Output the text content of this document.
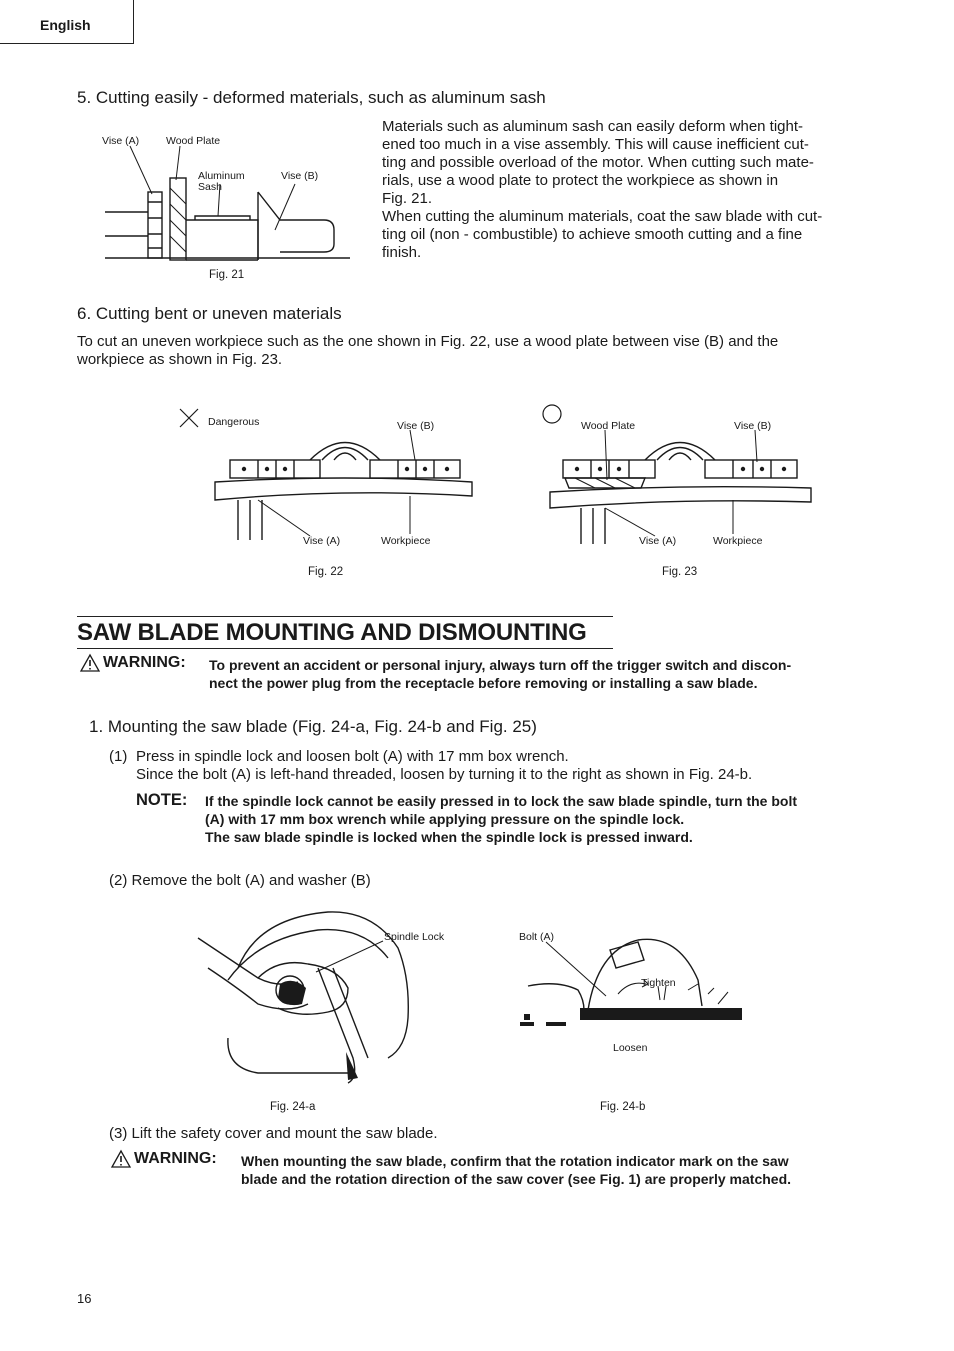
English
5. Cutting easily - deformed materials, such as aluminum sash
Materials such as aluminum sash can easily deform when tight-
ened too much in a vise assembly. This will cause inefficient cut-
ting and possible overload of the motor. When cutting such mate-
rials, use a wood plate to protect the workpiece as shown in
Fig. 21.
When cutting the aluminum materials, coat the saw blade with cut-
ting oil (non - combustible) to achieve smooth cutting and a fine
finish.
Vise (A)	Wood Plate
Aluminum
Sash
Vise (B)
Fig. 21
6. Cutting bent or uneven materials
To cut an uneven workpiece such as the one shown in Fig. 22, use a wood plate between vise (B) and the
workpiece as shown in Fig. 23.
Dangerous	Vise (B)
Vise (A)	Workpiece
Fig. 22
Wood Plate	Vise (B)
Vise (A)	Workpiece
Fig. 23
SAW BLADE MOUNTING AND DISMOUNTING
WARNING: To prevent an accident or personal injury, always turn off the trigger switch and discon-
nect the power plug from the receptacle before removing or installing a saw blade.
1. Mounting the saw blade (Fig. 24-a, Fig. 24-b and Fig. 25)
(1) Press in spindle lock and loosen bolt (A) with 17 mm box wrench.
Since the bolt (A) is left-hand threaded, loosen by turning it to the right as shown in Fig. 24-b.
NOTE: If the spindle lock cannot be easily pressed in to lock the saw blade spindle, turn the bolt
(A) with 17 mm box wrench while applying pressure on the spindle lock.
The saw blade spindle is locked when the spindle lock is pressed inward.
(2) Remove the bolt (A) and washer (B)
Spindle Lock
Fig. 24-a
Bolt (A)
Tighten
Loosen
Fig. 24-b
(3) Lift the safety cover and mount the saw blade.
WARNING: When mounting the saw blade, confirm that the rotation indicator mark on the saw
blade and the rotation direction of the saw cover (see Fig. 1) are properly matched.
16
